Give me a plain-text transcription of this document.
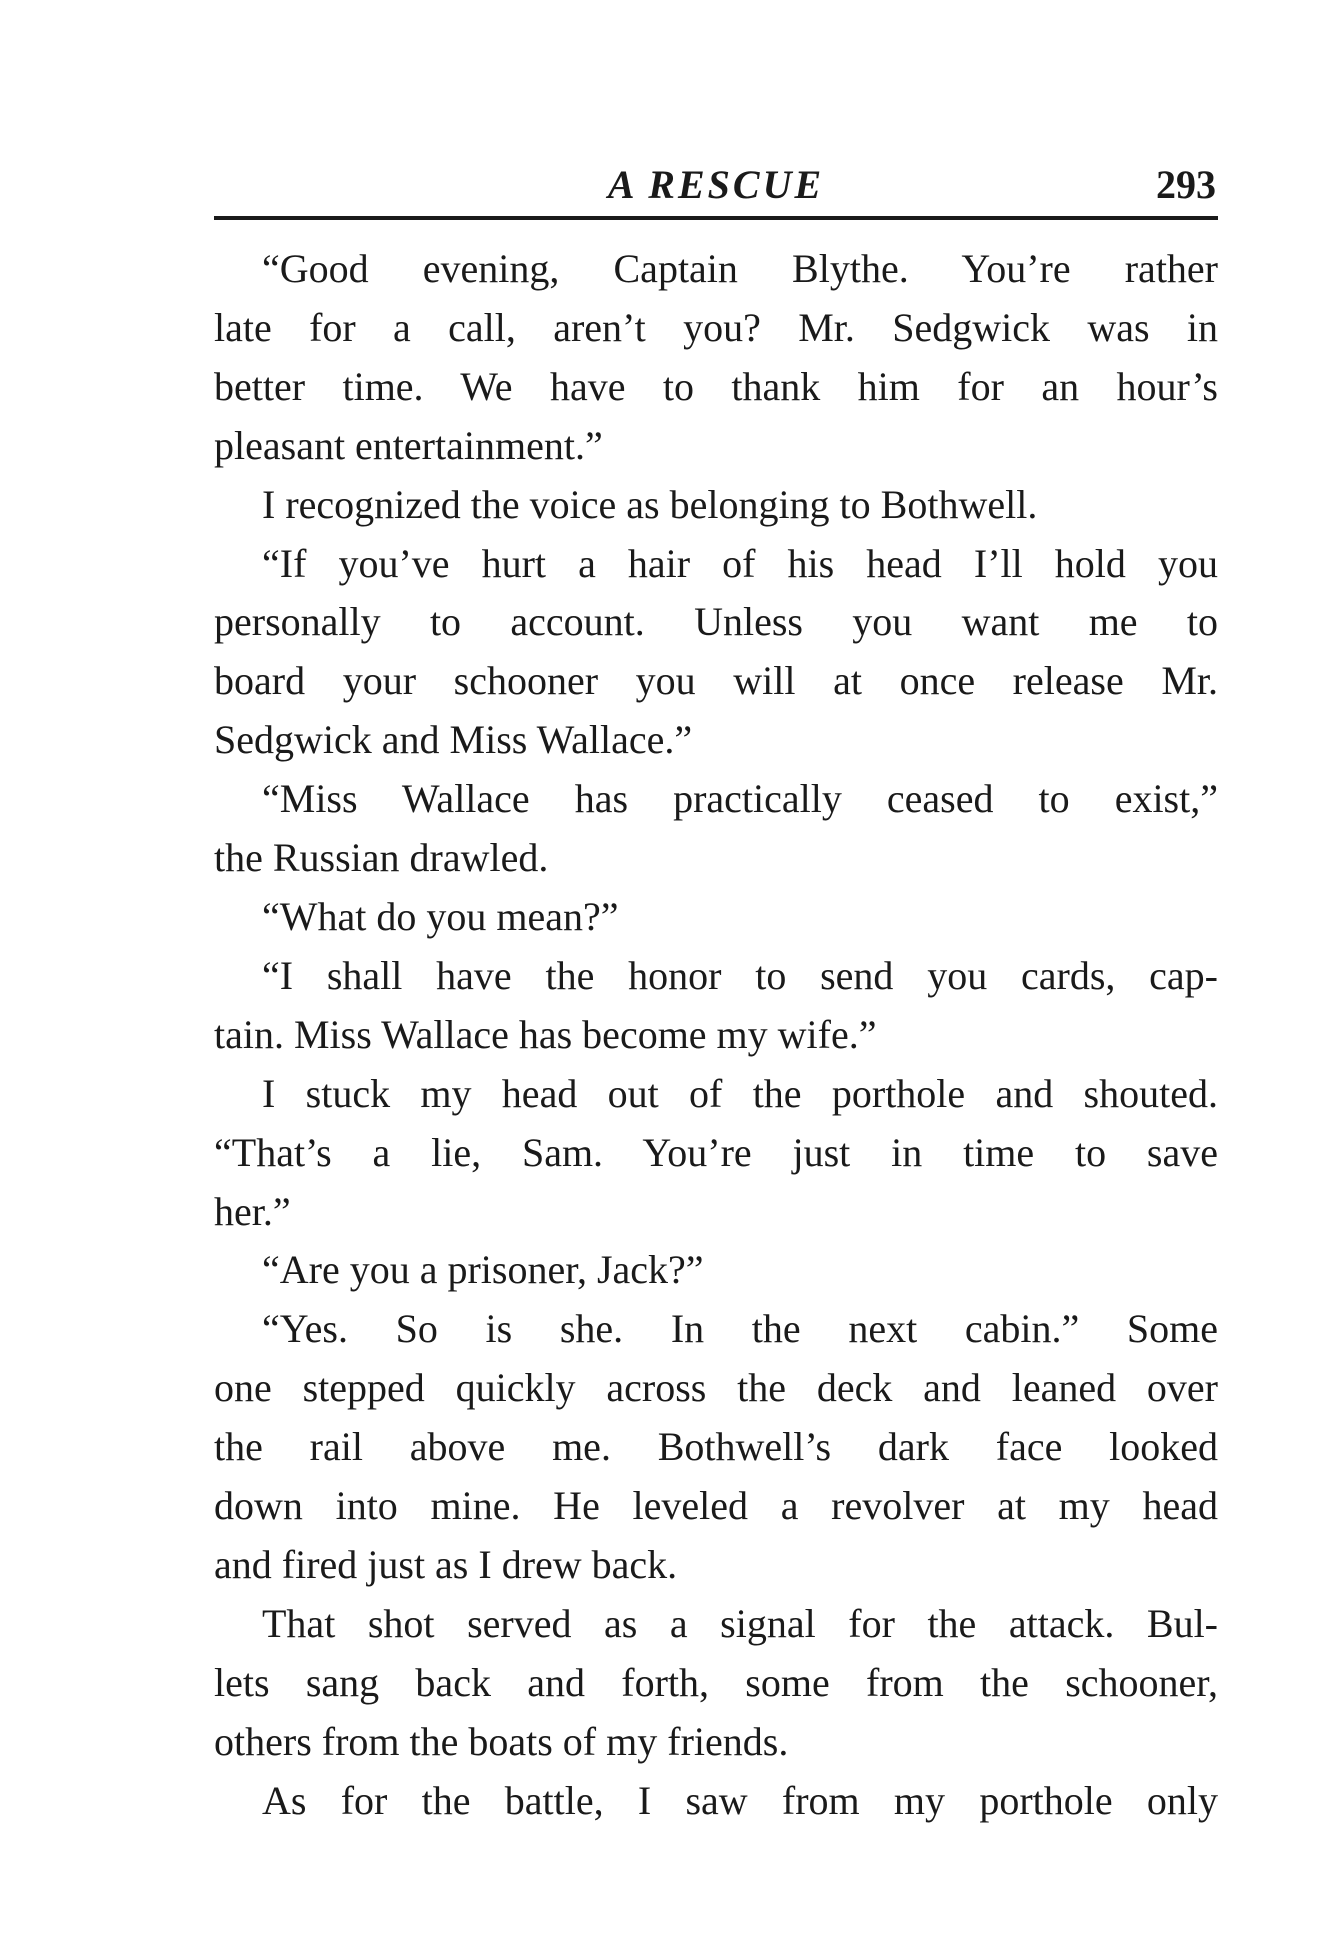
A RESCUE	293
“Good evening, Captain Blythe. You’re rather
late for a call, aren’t you? Mr. Sedgwick was in
better time. We have to thank him for an hour’s
pleasant entertainment.”
I recognized the voice as belonging to Bothwell.
“If you’ve hurt a hair of his head I’ll hold you
personally to account. Unless you want me to
board your schooner you will at once release Mr.
Sedgwick and Miss Wallace.”
“Miss Wallace has practically ceased to exist,”
the Russian drawled.
“What do you mean?”
“I shall have the honor to send you cards, cap-
tain. Miss Wallace has become my wife.”
I stuck my head out of the porthole and shouted.
“That’s a lie, Sam. You’re just in time to save
her.”
“Are you a prisoner, Jack?”
“Yes. So is she. In the next cabin.” Some
one stepped quickly across the deck and leaned over
the rail above me. Bothwell’s dark face looked
down into mine. He leveled a revolver at my head
and fired just as I drew back.
That shot served as a signal for the attack. Bul-
lets sang back and forth, some from the schooner,
others from the boats of my friends.
As for the battle, I saw from my porthole only
